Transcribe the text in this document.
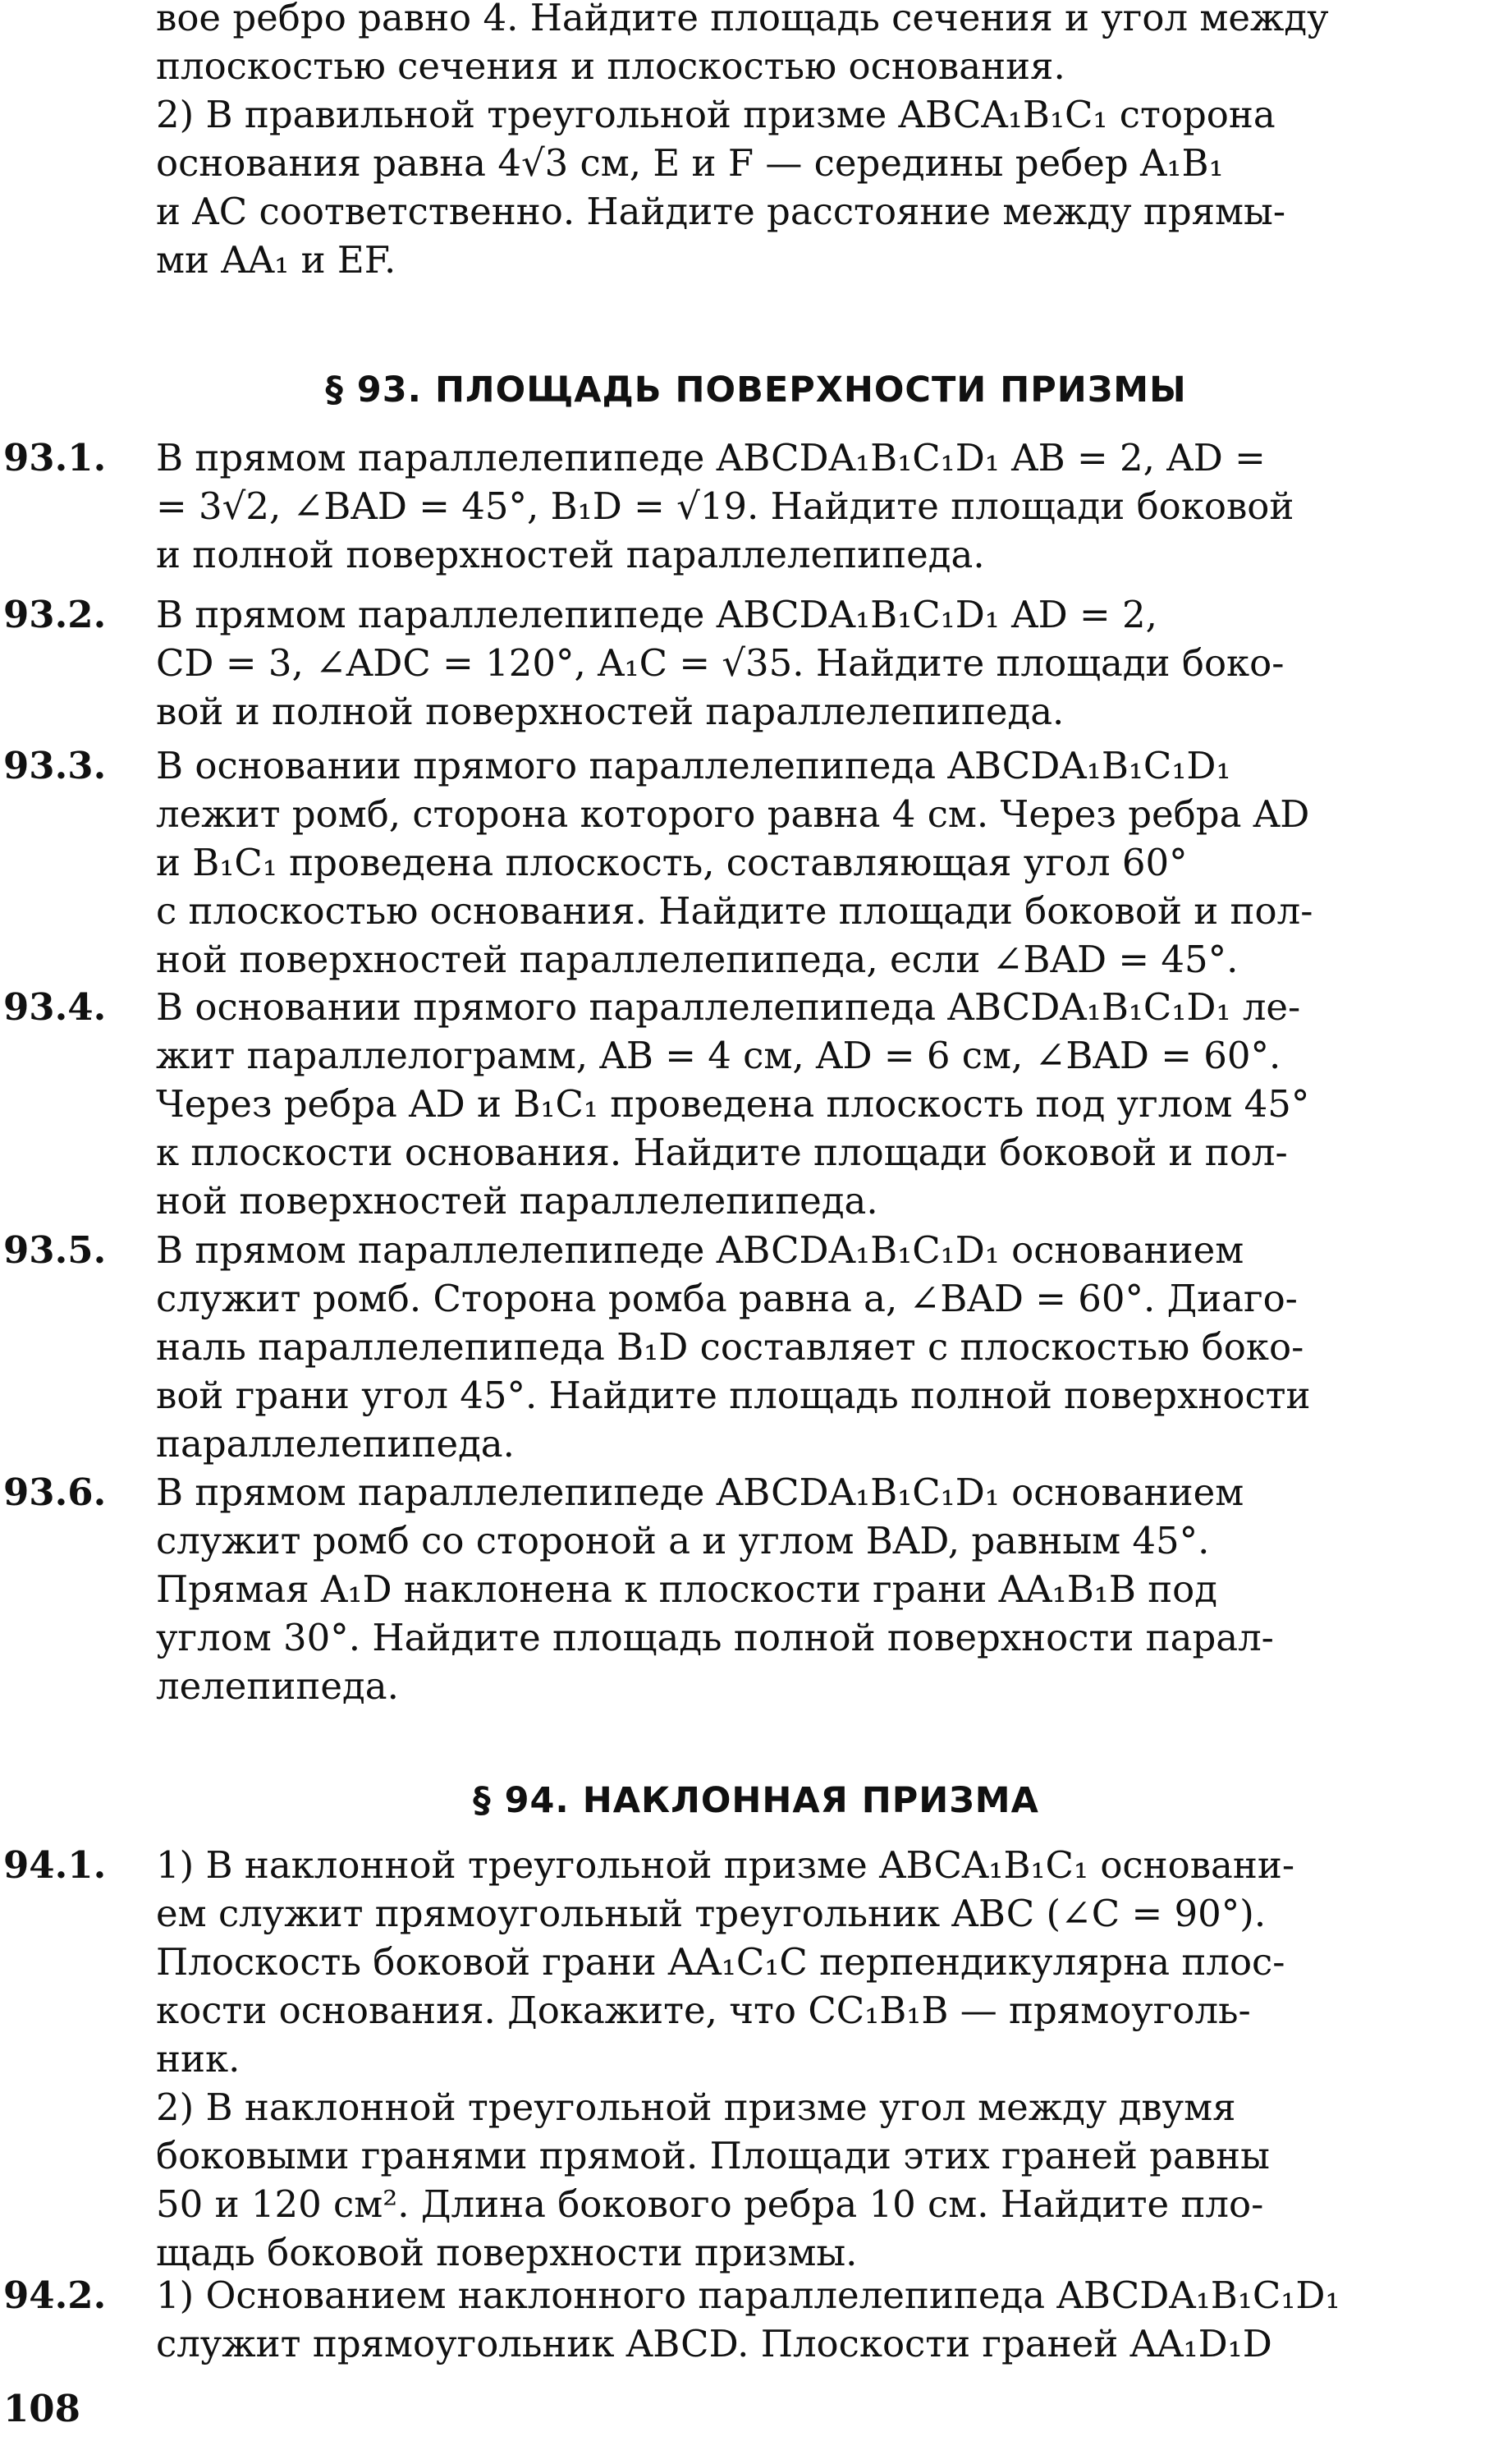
вое ребро равно 4. Найдите площадь сечения и угол между
плоскостью сечения и плоскостью основания.
2) В правильной треугольной призме ABCA₁B₁C₁ сторона
основания равна 4√3 см, E и F — середины ребер A₁B₁
и AC соответственно. Найдите расстояние между прямы-
ми AA₁ и EF.
§ 93. ПЛОЩАДЬ ПОВЕРХНОСТИ ПРИЗМЫ
93.1. В прямом параллелепипеде ABCDA₁B₁C₁D₁ AB = 2, AD =
= 3√2, ∠BAD = 45°, B₁D = √19. Найдите площади боковой
и полной поверхностей параллелепипеда.
93.2. В прямом параллелепипеде ABCDA₁B₁C₁D₁ AD = 2,
CD = 3, ∠ADC = 120°, A₁C = √35. Найдите площади боко-
вой и полной поверхностей параллелепипеда.
93.3. В основании прямого параллелепипеда ABCDA₁B₁C₁D₁
лежит ромб, сторона которого равна 4 см. Через ребра AD
и B₁C₁ проведена плоскость, составляющая угол 60°
с плоскостью основания. Найдите площади боковой и пол-
ной поверхностей параллелепипеда, если ∠BAD = 45°.
93.4. В основании прямого параллелепипеда ABCDA₁B₁C₁D₁ ле-
жит параллелограмм, AB = 4 см, AD = 6 см, ∠BAD = 60°.
Через ребра AD и B₁C₁ проведена плоскость под углом 45°
к плоскости основания. Найдите площади боковой и пол-
ной поверхностей параллелепипеда.
93.5. В прямом параллелепипеде ABCDA₁B₁C₁D₁ основанием
служит ромб. Сторона ромба равна a, ∠BAD = 60°. Диаго-
наль параллелепипеда B₁D составляет с плоскостью боко-
вой грани угол 45°. Найдите площадь полной поверхности
параллелепипеда.
93.6. В прямом параллелепипеде ABCDA₁B₁C₁D₁ основанием
служит ромб со стороной a и углом BAD, равным 45°.
Прямая A₁D наклонена к плоскости грани AA₁B₁B под
углом 30°. Найдите площадь полной поверхности парал-
лелепипеда.
§ 94. НАКЛОННАЯ ПРИЗМА
94.1. 1) В наклонной треугольной призме ABCA₁B₁C₁ основани-
ем служит прямоугольный треугольник ABC (∠C = 90°).
Плоскость боковой грани AA₁C₁C перпендикулярна плос-
кости основания. Докажите, что CC₁B₁B — прямоуголь-
ник.
2) В наклонной треугольной призме угол между двумя
боковыми гранями прямой. Площади этих граней равны
50 и 120 см². Длина бокового ребра 10 см. Найдите пло-
щадь боковой поверхности призмы.
94.2. 1) Основанием наклонного параллелепипеда ABCDA₁B₁C₁D₁
служит прямоугольник ABCD. Плоскости граней AA₁D₁D
108
